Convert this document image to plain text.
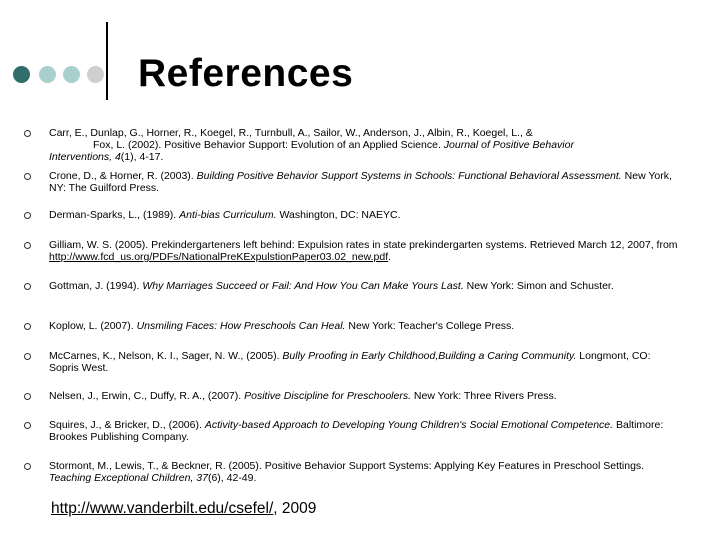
References
Carr, E., Dunlap, G., Horner, R., Koegel, R., Turnbull, A., Sailor, W., Anderson, J., Albin, R., Koegel, L., &
Fox, L. (2002). Positive Behavior Support: Evolution of an Applied Science. Journal of Positive Behavior
Interventions, 4(1), 4-17.
Crone, D., & Horner, R. (2003). Building Positive Behavior Support Systems in Schools: Functional Behavioral Assessment. New York, NY: The Guilford Press.
Derman-Sparks, L., (1989). Anti-bias Curriculum. Washington, DC: NAEYC.
Gilliam, W. S. (2005). Prekindergarteners left behind: Expulsion rates in state prekindergarten systems. Retrieved March 12, 2007, from http://www.fcd_us.org/PDFs/NationalPreKExpulstionPaper03.02_new.pdf.
Gottman, J. (1994). Why Marriages Succeed or Fail: And How You Can Make Yours Last. New York: Simon and Schuster.
Koplow, L. (2007). Unsmiling Faces: How Preschools Can Heal. New York: Teacher's College Press.
McCarnes, K., Nelson, K. I., Sager, N. W., (2005). Bully Proofing in Early Childhood,Building a Caring Community. Longmont, CO: Sopris West.
Nelsen, J., Erwin, C., Duffy, R. A., (2007). Positive Discipline for Preschoolers. New York: Three Rivers Press.
Squires, J., & Bricker, D., (2006). Activity-based Approach to Developing Young Children's Social Emotional Competence. Baltimore: Brookes Publishing Company.
Stormont, M., Lewis, T., & Beckner, R. (2005). Positive Behavior Support Systems: Applying Key Features in Preschool Settings. Teaching Exceptional Children, 37(6), 42-49.
http://www.vanderbilt.edu/csefel/, 2009
